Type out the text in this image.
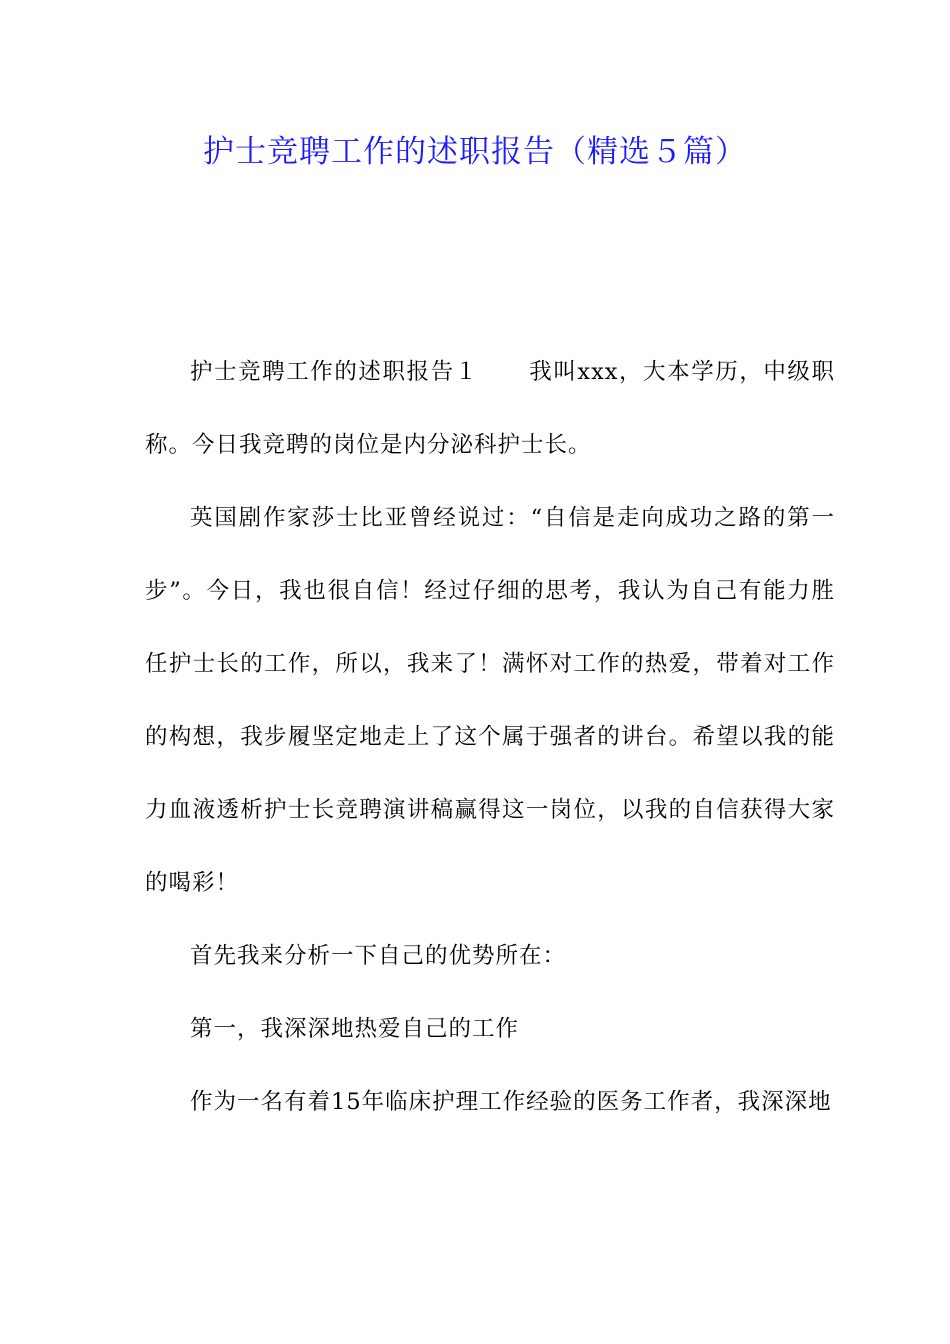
护士竞聘工作的述职报告（精选５篇）

护士竞聘工作的述职报告１ 我叫xxx，大本学历，中级职称。今日我竞聘的岗位是内分泌科护士长。

英国剧作家莎士比亚曾经说过：“自信是走向成功之路的第一步”。今日，我也很自信！经过仔细的思考，我认为自己有能力胜任护士长的工作，所以，我来了！满怀对工作的热爱，带着对工作的构想，我步履坚定地走上了这个属于强者的讲台。希望以我的能力血液透析护士长竞聘演讲稿赢得这一岗位，以我的自信获得大家的喝彩！

首先我来分析一下自己的优势所在：

第一，我深深地热爱自己的工作

作为一名有着15年临床护理工作经验的医务工作者，我深深地
